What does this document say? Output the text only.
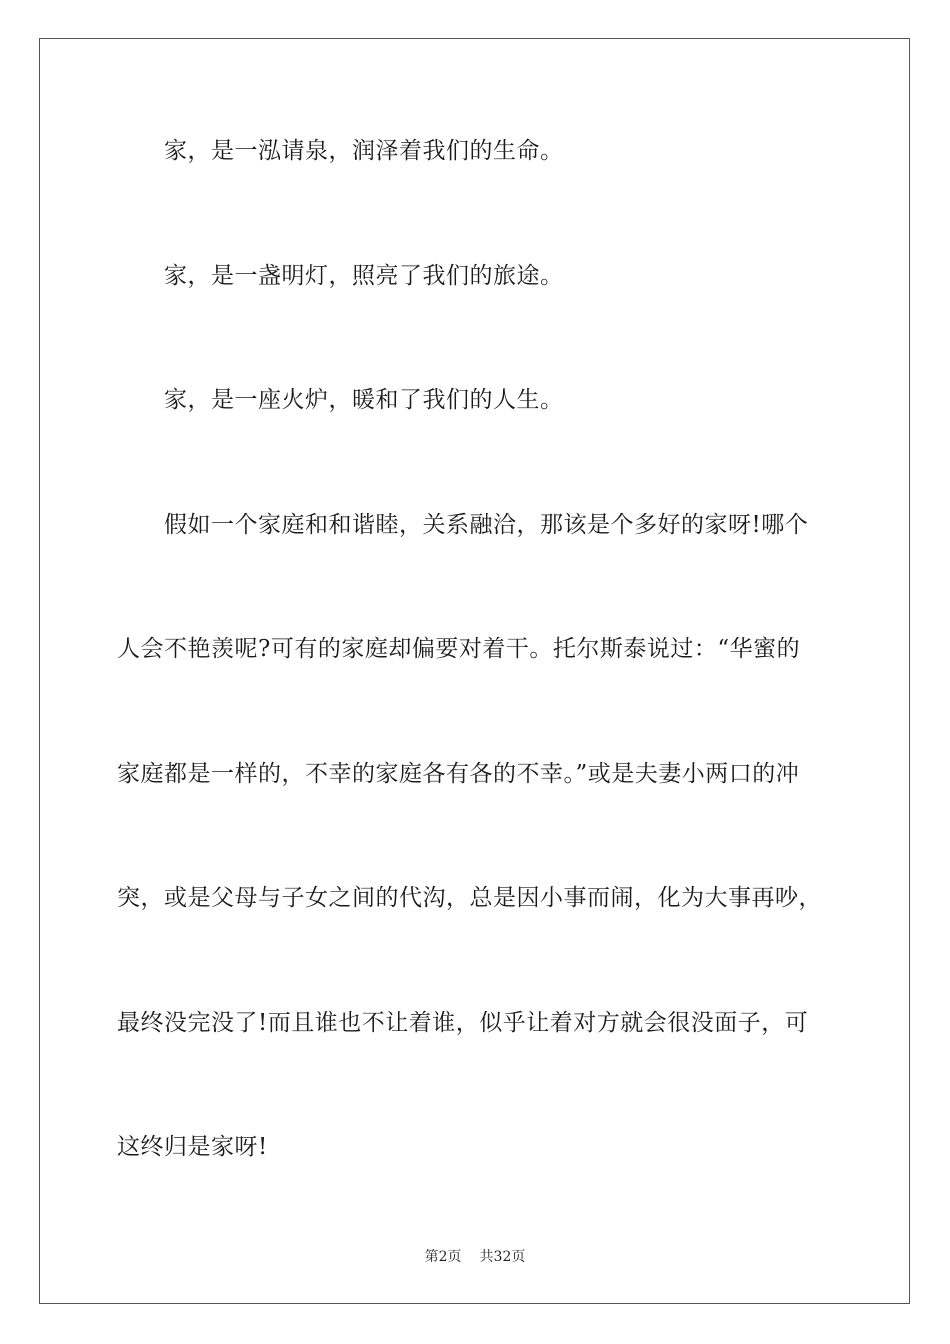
家，是一泓请泉，润泽着我们的生命。
家，是一盏明灯，照亮了我们的旅途。
家，是一座火炉，暖和了我们的人生。
假如一个家庭和和谐睦，关系融洽，那该是个多好的家呀!哪个
人会不艳羡呢?可有的家庭却偏要对着干。托尔斯泰说过：“华蜜的
家庭都是一样的，不幸的家庭各有各的不幸。”或是夫妻小两口的冲
突，或是父母与子女之间的代沟，总是因小事而闹，化为大事再吵，
最终没完没了!而且谁也不让着谁，似乎让着对方就会很没面子，可
这终归是家呀!
第2页 共32页
